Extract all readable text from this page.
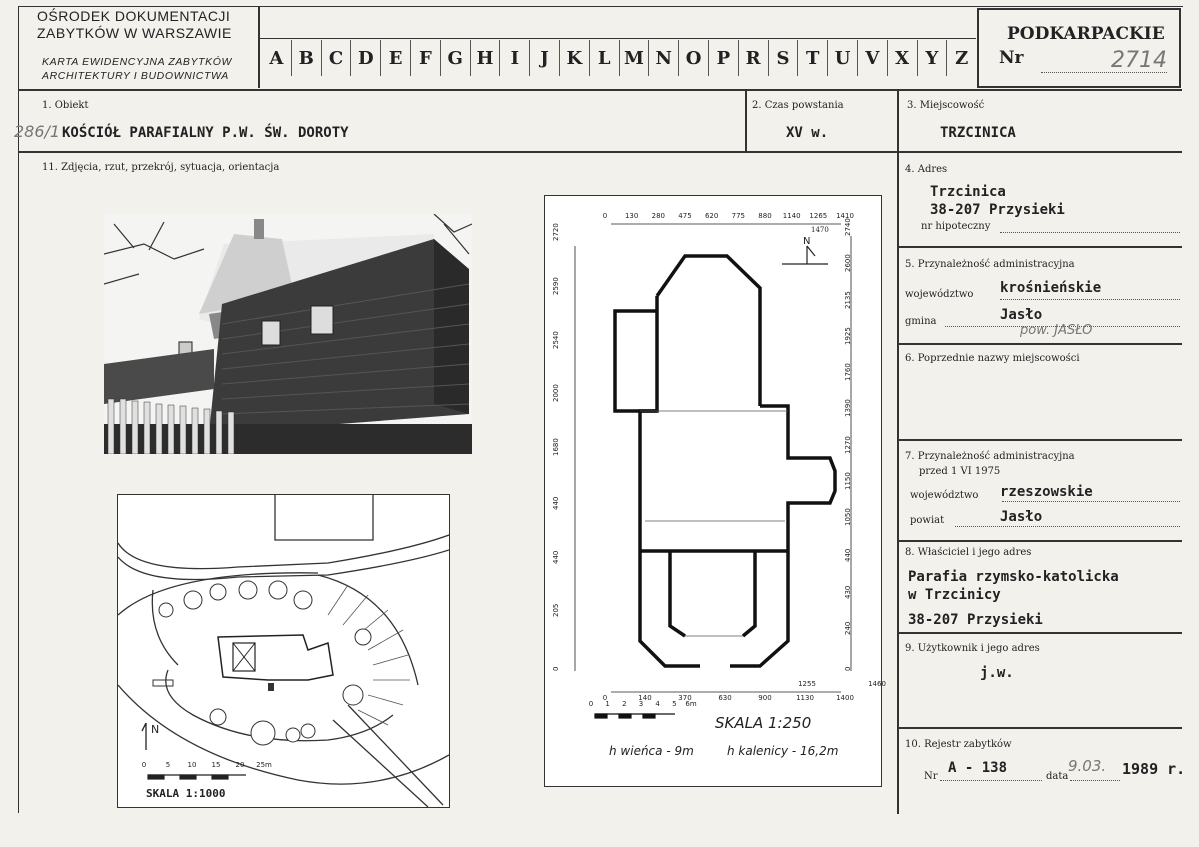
OŚRODEK DOKUMENTACJI
ZABYTKÓW W WARSZAWIE
KARTA EWIDENCYJNA ZABYTKÓW
ARCHITEKTURY I BUDOWNICTWA
A B C D E F G H I	J K L M N O P R S T U V X Y Z
PODKARPACKIE
Nr	2714
1. Obiekt
286/1 KOŚCIÓŁ PARAFIALNY P.W. ŚW. DOROTY
2. Czas powstania
XV w.
3. Miejscowość
TRZCINICA
11. Zdjęcia, rzut, przekrój, sytuacja, orientacja	4. Adres
Trzcinica
38-207 Przysieki
nr hipoteczny
5. Przynależność administracyjna
województwo krośnieńskie
gmina	Jasło
pow. JASŁO
6. Poprzednie nazwy miejscowości
7. Przynależność administracyjna
przed 1 VI 1975
województwo rzeszowskie
powiat	Jasło
8. Właściciel i jego adres
Parafia rzymsko-katolicka
w Trzcinicy
38-207 Przysieki
9. Użytkownik i jego adres
j.w.
10. Rejestr zabytków
Nr
A - 138
data
9.03. 1989 r.
N
0	5 10 15 20 25m
SKALA 1:1000
0	130 280 475 620 775 880 1140 1265 1410
1470
0	140	370	630	900	1130	1400
1255	1460
0
205
440
440
1680
2000
2540
2590
2720
0
240
430
440
1050
1150
1270
1390
1760
1925
2135
2600
2740
N
0 1 2 3 4 5 6m
SKALA 1:250
h wieńca - 9m	h kalenicy - 16,2m
